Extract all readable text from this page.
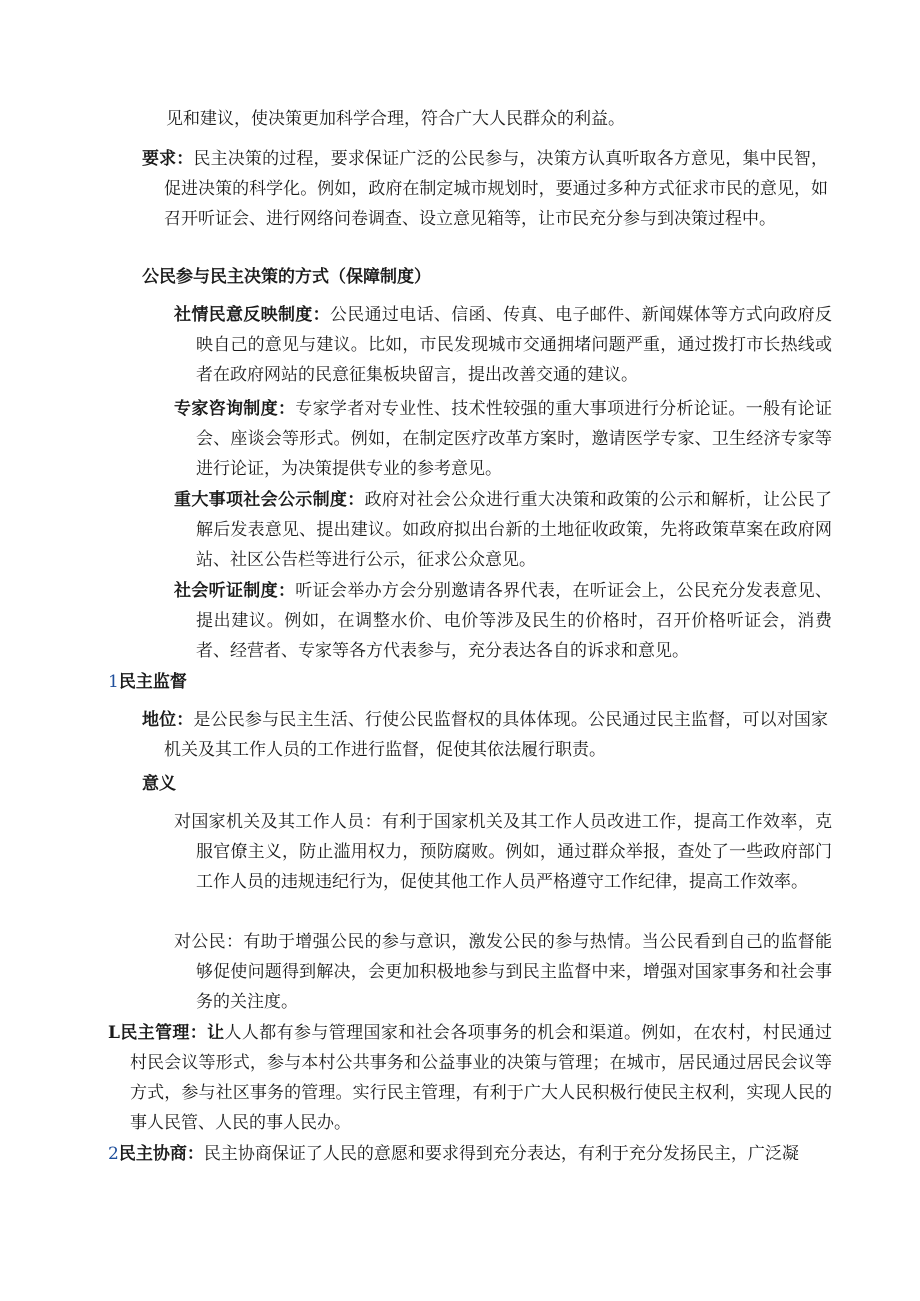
见和建议，使决策更加科学合理，符合广大人民群众的利益。
要求：民主决策的过程，要求保证广泛的公民参与，决策方认真听取各方意见，集中民智，促进决策的科学化。例如，政府在制定城市规划时，要通过多种方式征求市民的意见，如召开听证会、进行网络问卷调查、设立意见箱等，让市民充分参与到决策过程中。
公民参与民主决策的方式（保障制度）
社情民意反映制度：公民通过电话、信函、传真、电子邮件、新闻媒体等方式向政府反映自己的意见与建议。比如，市民发现城市交通拥堵问题严重，通过拨打市长热线或者在政府网站的民意征集板块留言，提出改善交通的建议。
专家咨询制度：专家学者对专业性、技术性较强的重大事项进行分析论证。一般有论证会、座谈会等形式。例如，在制定医疗改革方案时，邀请医学专家、卫生经济专家等进行论证，为决策提供专业的参考意见。
重大事项社会公示制度：政府对社会公众进行重大决策和政策的公示和解析，让公民了解后发表意见、提出建议。如政府拟出台新的土地征收政策，先将政策草案在政府网站、社区公告栏等进行公示，征求公众意见。
社会听证制度：听证会举办方会分别邀请各界代表，在听证会上，公民充分发表意见、提出建议。例如，在调整水价、电价等涉及民生的价格时，召开价格听证会，消费者、经营者、专家等各方代表参与，充分表达各自的诉求和意见。
1民主监督
地位：是公民参与民主生活、行使公民监督权的具体体现。公民通过民主监督，可以对国家机关及其工作人员的工作进行监督，促使其依法履行职责。
意义
对国家机关及其工作人员：有利于国家机关及其工作人员改进工作，提高工作效率，克服官僚主义，防止滥用权力，预防腐败。例如，通过群众举报，查处了一些政府部门工作人员的违规违纪行为，促使其他工作人员严格遵守工作纪律，提高工作效率。
对公民：有助于增强公民的参与意识，激发公民的参与热情。当公民看到自己的监督能够促使问题得到解决，会更加积极地参与到民主监督中来，增强对国家事务和社会事务的关注度。
L民主管理：让人人都有参与管理国家和社会各项事务的机会和渠道。例如，在农村，村民通过村民会议等形式，参与本村公共事务和公益事业的决策与管理；在城市，居民通过居民会议等方式，参与社区事务的管理。实行民主管理，有利于广大人民积极行使民主权利，实现人民的事人民管、人民的事人民办。
2民主协商：民主协商保证了人民的意愿和要求得到充分表达，有利于充分发扬民主，广泛凝
